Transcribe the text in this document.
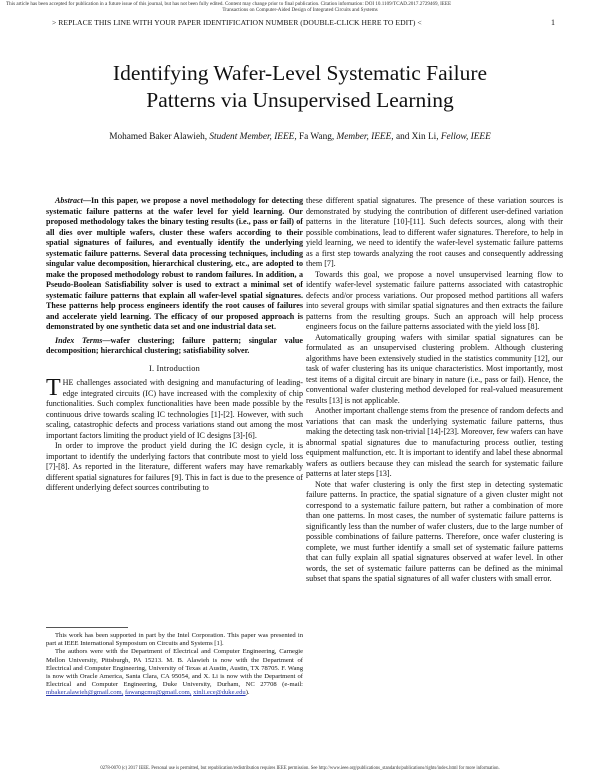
This article has been accepted for publication in a future issue of this journal, but has not been fully edited. Content may change prior to final publication. Citation information: DOI 10.1109/TCAD.2017.2729469, IEEE
Transactions on Computer-Aided Design of Integrated Circuits and Systems
> REPLACE THIS LINE WITH YOUR PAPER IDENTIFICATION NUMBER (DOUBLE-CLICK HERE TO EDIT) <	1
Identifying Wafer-Level Systematic Failure
Patterns via Unsupervised Learning
Mohamed Baker Alawieh, Student Member, IEEE, Fa Wang, Member, IEEE, and Xin Li, Fellow, IEEE

Abstract—In this paper, we propose a novel methodology for detecting systematic failure patterns at the wafer level for yield learning. Our proposed methodology takes the binary testing results (i.e., pass or fail) of all dies over multiple wafers, cluster these wafers according to their spatial signatures of failures, and eventually identify the underlying systematic failure patterns. Several data processing techniques, including singular value decomposition, hierarchical clustering, etc., are adopted to make the proposed methodology robust to random failures. In addition, a Pseudo-Boolean Satisfiability solver is used to extract a minimal set of systematic failure patterns that explain all wafer-level spatial signatures. These patterns help process engineers identify the root causes of failures and accelerate yield learning. The efficacy of our proposed approach is demonstrated by one synthetic data set and one industrial data set.

Index Terms—wafer clustering; failure pattern; singular value decomposition; hierarchical clustering; satisfiability solver.

I. Introduction

THE challenges associated with designing and manufacturing of leading-edge integrated circuits (IC) have increased with the complexity of chip functionalities. Such complex functionalities have been made possible by the continuous drive towards scaling IC technologies [1]-[2]. However, with such scaling, catastrophic defects and process variations stand out among the most important factors limiting the product yield of IC designs [3]-[6].

In order to improve the product yield during the IC design cycle, it is important to identify the underlying factors that contribute most to yield loss [7]-[8]. As reported in the literature, different wafers may have remarkably different spatial signatures for failures [9]. This in fact is due to the presence of different underlying defect sources contributing to

This work has been supported in part by the Intel Corporation. This paper was presented in part at IEEE International Symposium on Circuits and Systems [1].

The authors were with the Department of Electrical and Computer Engineering, Carnegie Mellon University, Pittsburgh, PA 15213. M. B. Alawieh is now with the Department of Electrical and Computer Engineering, University of Texas at Austin, Austin, TX 78705. F. Wang is now with Oracle America, Santa Clara, CA 95054, and X. Li is now with the Department of Electrical and Computer Engineering, Duke University, Durham, NC 27708 (e-mail: mbaker.alawieh@gmail.com, fawangcmu@gmail.com, xinli.ece@duke.edu).

these different spatial signatures. The presence of these variation sources is demonstrated by studying the contribution of different user-defined variation patterns in the literature [10]-[11]. Such defects sources, along with their possible combinations, lead to different wafer signatures. Therefore, to help in yield learning, we need to identify the wafer-level systematic failure patterns as a first step towards analyzing the root causes and consequently addressing them [7].

Towards this goal, we propose a novel unsupervised learning flow to identify wafer-level systematic failure patterns associated with catastrophic defects and/or process variations. Our proposed method partitions all wafers into several groups with similar spatial signatures and then extracts the failure patterns from the resulting groups. Such an approach will help process engineers focus on the failure patterns associated with the yield loss [8].

Automatically grouping wafers with similar spatial signatures can be formulated as an unsupervised clustering problem. Although clustering algorithms have been extensively studied in the statistics community [12], our task of wafer clustering has its unique characteristics. Most importantly, most test items of a digital circuit are binary in nature (i.e., pass or fail). Hence, the conventional wafer clustering method developed for real-valued measurement results [13] is not applicable.

Another important challenge stems from the presence of random defects and variations that can mask the underlying systematic failure patterns, thus making the detecting task non-trivial [14]-[23]. Moreover, few wafers can have abnormal spatial signatures due to manufacturing process outlier, testing equipment malfunction, etc. It is important to identify and label these abnormal wafers as outliers because they can mislead the search for systematic failure patterns at later steps [13].

Note that wafer clustering is only the first step in detecting systematic failure patterns. In practice, the spatial signature of a given cluster might not correspond to a systematic failure pattern, but rather a combination of more than one patterns. In most cases, the number of systematic failure patterns is significantly less than the number of wafer clusters, due to the large number of possible combinations of failure patterns. Therefore, once wafer clustering is complete, we must further identify a small set of systematic failure patterns that can fully explain all spatial signatures observed at wafer level. In other words, the set of systematic failure patterns can be defined as the minimal subset that spans the spatial signatures of all wafer clusters with small error.

0278-0070 (c) 2017 IEEE. Personal use is permitted, but republication/redistribution requires IEEE permission. See http://www.ieee.org/publications_standards/publications/rights/index.html for more information.
